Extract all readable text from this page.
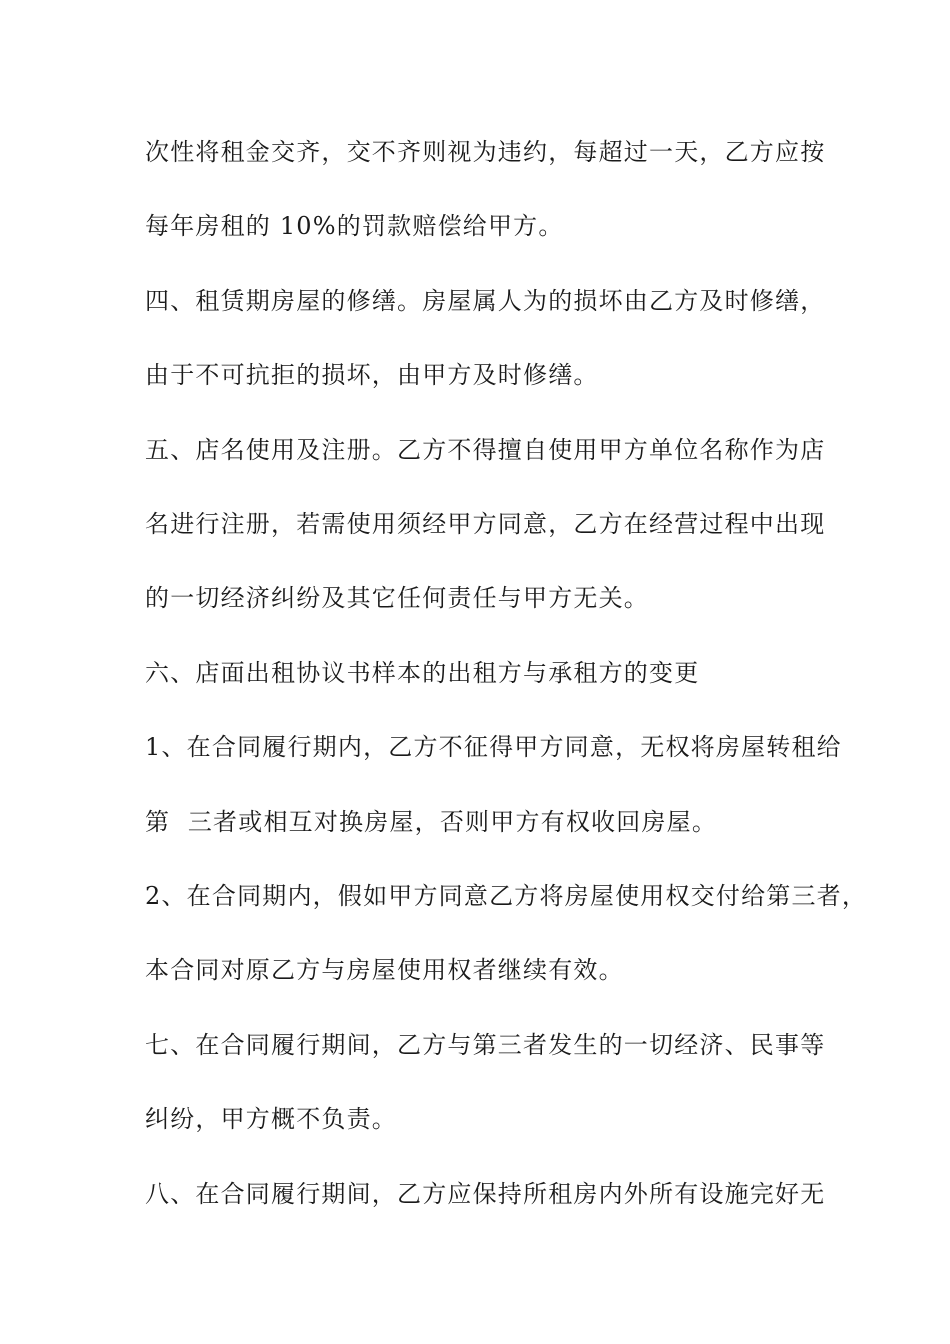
次性将租金交齐，交不齐则视为违约，每超过一天，乙方应按

每年房租的 10%的罚款赔偿给甲方。

四、租赁期房屋的修缮。房屋属人为的损坏由乙方及时修缮，

由于不可抗拒的损坏，由甲方及时修缮。

五、店名使用及注册。乙方不得擅自使用甲方单位名称作为店

名进行注册，若需使用须经甲方同意，乙方在经营过程中出现

的一切经济纠纷及其它任何责任与甲方无关。

六、店面出租协议书样本的出租方与承租方的变更

1、在合同履行期内，乙方不征得甲方同意，无权将房屋转租给

第  三者或相互对换房屋，否则甲方有权收回房屋。

2、在合同期内，假如甲方同意乙方将房屋使用权交付给第三者，

本合同对原乙方与房屋使用权者继续有效。

七、在合同履行期间，乙方与第三者发生的一切经济、民事等

纠纷，甲方概不负责。

八、在合同履行期间，乙方应保持所租房内外所有设施完好无
